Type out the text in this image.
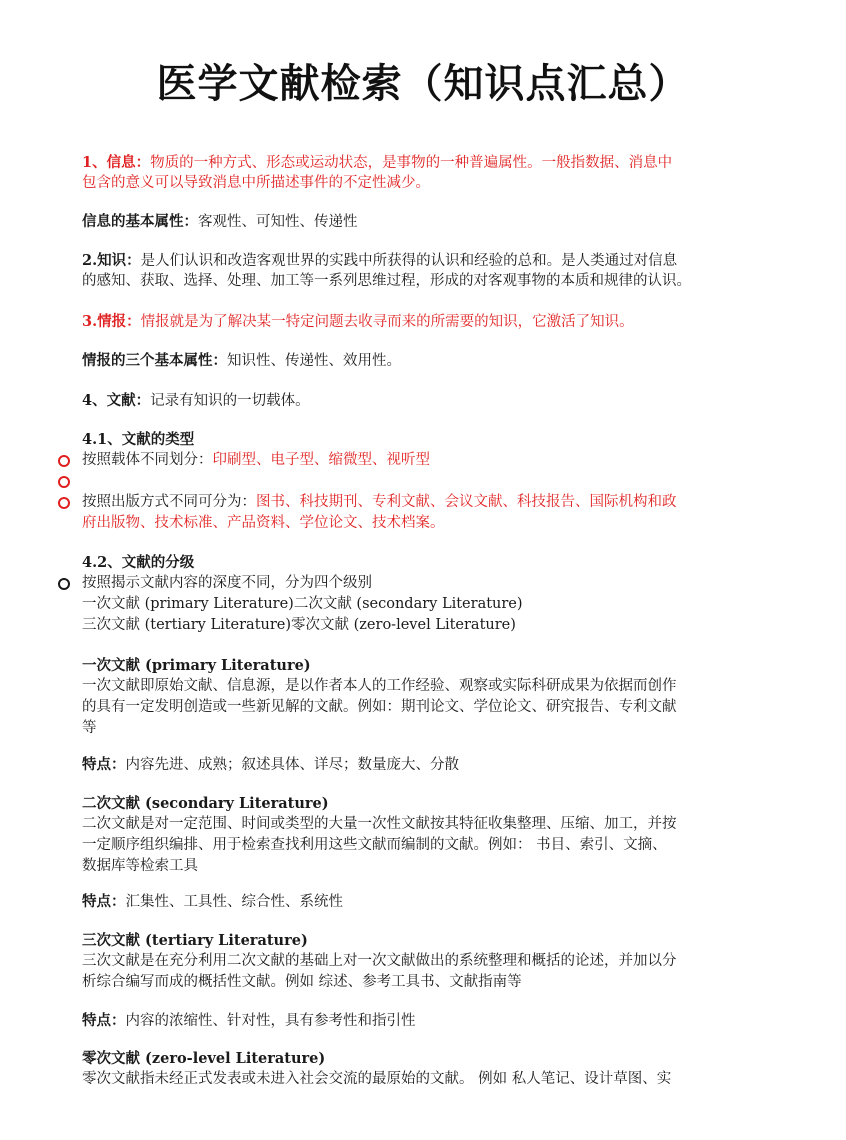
医学文献检索（知识点汇总）
1、信息：物质的一种方式、形态或运动状态，是事物的一种普遍属性。一般指数据、消息中
包含的意义可以导致消息中所描述事件的不定性减少。
信息的基本属性：客观性、可知性、传递性
2.知识：是人们认识和改造客观世界的实践中所获得的认识和经验的总和。是人类通过对信息
的感知、获取、选择、处理、加工等一系列思维过程，形成的对客观事物的本质和规律的认识。
3.情报：情报就是为了解决某一特定问题去收寻而来的所需要的知识，它激活了知识。
情报的三个基本属性：知识性、传递性、效用性。
4、文献：记录有知识的一切载体。
4.1、文献的类型
按照载体不同划分：印刷型、电子型、缩微型、视听型
按照出版方式不同可分为：图书、科技期刊、专利文献、会议文献、科技报告、国际机构和政
府出版物、技术标准、产品资料、学位论文、技术档案。
4.2、文献的分级
按照揭示文献内容的深度不同，分为四个级别
一次文献 (primary Literature)二次文献 (secondary Literature)
三次文献 (tertiary Literature)零次文献 (zero-level Literature)
一次文献 (primary Literature)
一次文献即原始文献、信息源，是以作者本人的工作经验、观察或实际科研成果为依据而创作
的具有一定发明创造或一些新见解的文献。例如：期刊论文、学位论文、研究报告、专利文献
等
特点：内容先进、成熟；叙述具体、详尽；数量庞大、分散
二次文献 (secondary Literature)
二次文献是对一定范围、时间或类型的大量一次性文献按其特征收集整理、压缩、加工，并按
一定顺序组织编排、用于检索查找利用这些文献而编制的文献。例如： 书目、索引、文摘、
数据库等检索工具
特点：汇集性、工具性、综合性、系统性
三次文献 (tertiary Literature)
三次文献是在充分利用二次文献的基础上对一次文献做出的系统整理和概括的论述，并加以分
析综合编写而成的概括性文献。例如 综述、参考工具书、文献指南等
特点：内容的浓缩性、针对性，具有参考性和指引性
零次文献 (zero-level Literature)
零次文献指未经正式发表或未进入社会交流的最原始的文献。 例如 私人笔记、设计草图、实
